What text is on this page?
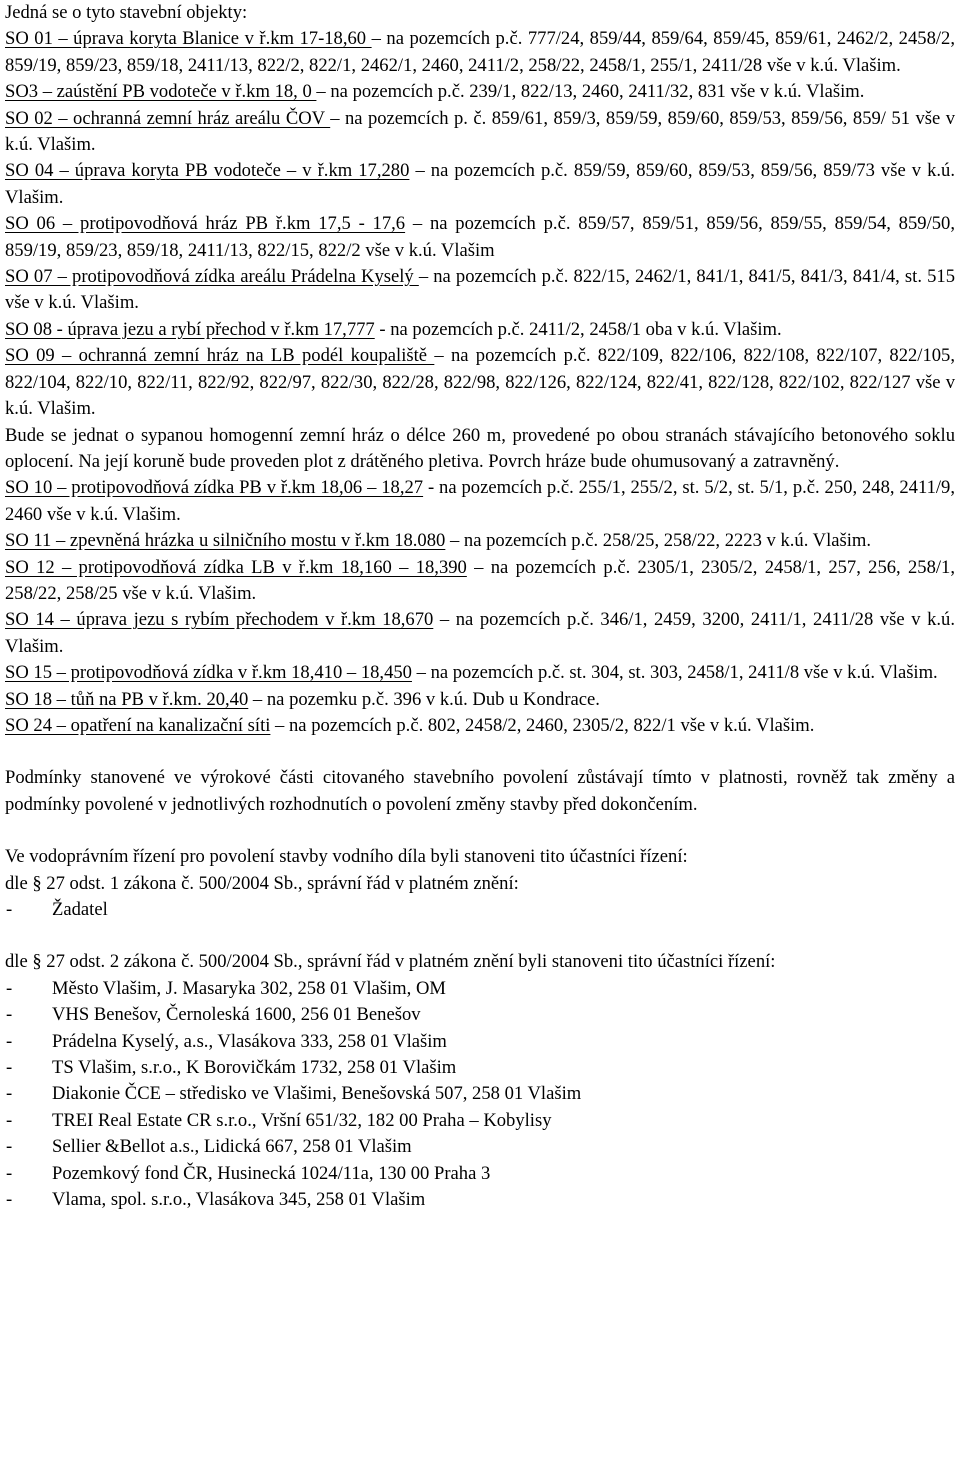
Jedná se o tyto stavební objekty:

SO 01 – úprava koryta Blanice v ř.km 17-18,60 – na pozemcích p.č. 777/24, 859/44, 859/64, 859/45, 859/61, 2462/2, 2458/2, 859/19, 859/23, 859/18, 2411/13, 822/2, 822/1, 2462/1, 2460, 2411/2, 258/22, 2458/1, 255/1, 2411/28 vše v k.ú. Vlašim.

SO3 – zaústění PB vodoteče v ř.km 18, 0 – na pozemcích p.č. 239/1, 822/13, 2460, 2411/32, 831 vše v k.ú. Vlašim.

SO 02 – ochranná zemní hráz areálu ČOV – na pozemcích p. č. 859/61, 859/3, 859/59, 859/60, 859/53, 859/56, 859/ 51 vše v k.ú. Vlašim.

SO 04 – úprava koryta PB vodoteče – v ř.km 17,280 – na pozemcích p.č. 859/59, 859/60, 859/53, 859/56, 859/73 vše v k.ú. Vlašim.

SO 06 – protipovodňová hráz PB ř.km 17,5 - 17,6 – na pozemcích p.č. 859/57, 859/51, 859/56, 859/55, 859/54, 859/50, 859/19, 859/23, 859/18, 2411/13, 822/15, 822/2 vše v k.ú. Vlašim

SO 07 – protipovodňová zídka areálu Prádelna Kyselý – na pozemcích p.č. 822/15, 2462/1, 841/1, 841/5, 841/3, 841/4, st. 515 vše v k.ú. Vlašim.

SO 08 - úprava jezu a rybí přechod v ř.km 17,777 - na pozemcích p.č. 2411/2, 2458/1 oba v k.ú. Vlašim.

SO 09 – ochranná zemní hráz na LB podél koupaliště – na pozemcích p.č. 822/109, 822/106, 822/108, 822/107, 822/105, 822/104, 822/10, 822/11, 822/92, 822/97, 822/30, 822/28, 822/98, 822/126, 822/124, 822/41, 822/128, 822/102, 822/127 vše v k.ú. Vlašim.

Bude se jednat o sypanou homogenní zemní hráz o délce 260 m, provedené po obou stranách stávajícího betonového soklu oplocení. Na její koruně bude proveden plot z drátěného pletiva. Povrch hráze bude ohumusovaný a zatravněný.

SO 10 – protipovodňová zídka PB v ř.km 18,06 – 18,27 - na pozemcích p.č. 255/1, 255/2, st. 5/2, st. 5/1, p.č. 250, 248, 2411/9, 2460 vše v k.ú. Vlašim.

SO 11 – zpevněná hrázka u silničního mostu v ř.km 18.080 – na pozemcích p.č. 258/25, 258/22, 2223 v k.ú. Vlašim.

SO 12 – protipovodňová zídka LB v ř.km 18,160 – 18,390 – na pozemcích p.č. 2305/1, 2305/2, 2458/1, 257, 256, 258/1, 258/22, 258/25 vše v k.ú. Vlašim.

SO 14 – úprava jezu s rybím přechodem v ř.km 18,670 – na pozemcích p.č. 346/1, 2459, 3200, 2411/1, 2411/28 vše v k.ú. Vlašim.

SO 15 – protipovodňová zídka v ř.km 18,410 – 18,450 – na pozemcích p.č. st. 304, st. 303, 2458/1, 2411/8 vše v k.ú. Vlašim.

SO 18 – tůň na PB v ř.km. 20,40 – na pozemku p.č. 396 v k.ú. Dub u Kondrace.

SO 24 – opatření na kanalizační síti – na pozemcích p.č. 802, 2458/2, 2460, 2305/2, 822/1 vše v k.ú. Vlašim.

Podmínky stanovené ve výrokové části citovaného stavebního povolení zůstávají tímto v platnosti, rovněž tak změny a podmínky povolené v jednotlivých rozhodnutích o povolení změny stavby před dokončením.

Ve vodoprávním řízení pro povolení stavby vodního díla byli stanoveni tito účastníci řízení:

dle § 27 odst. 1 zákona č. 500/2004 Sb., správní řád v platném znění:

-	Žadatel

dle § 27 odst. 2 zákona č. 500/2004 Sb., správní řád v platném znění byli stanoveni tito účastníci řízení:

-	Město Vlašim, J. Masaryka 302, 258 01 Vlašim, OM
-	VHS Benešov, Černoleská 1600, 256 01 Benešov
-	Prádelna Kyselý, a.s., Vlasákova 333, 258 01 Vlašim
-	TS Vlašim, s.r.o., K Borovičkám 1732, 258 01 Vlašim
-	Diakonie ČCE – středisko ve Vlašimi, Benešovská 507, 258 01 Vlašim
-	TREI Real Estate CR s.r.o., Vršní 651/32, 182 00 Praha – Kobylisy
-	Sellier &Bellot a.s., Lidická 667, 258 01 Vlašim
-	Pozemkový fond ČR, Husinecká 1024/11a, 130 00 Praha 3
-	Vlama, spol. s.r.o., Vlasákova 345, 258 01 Vlašim
